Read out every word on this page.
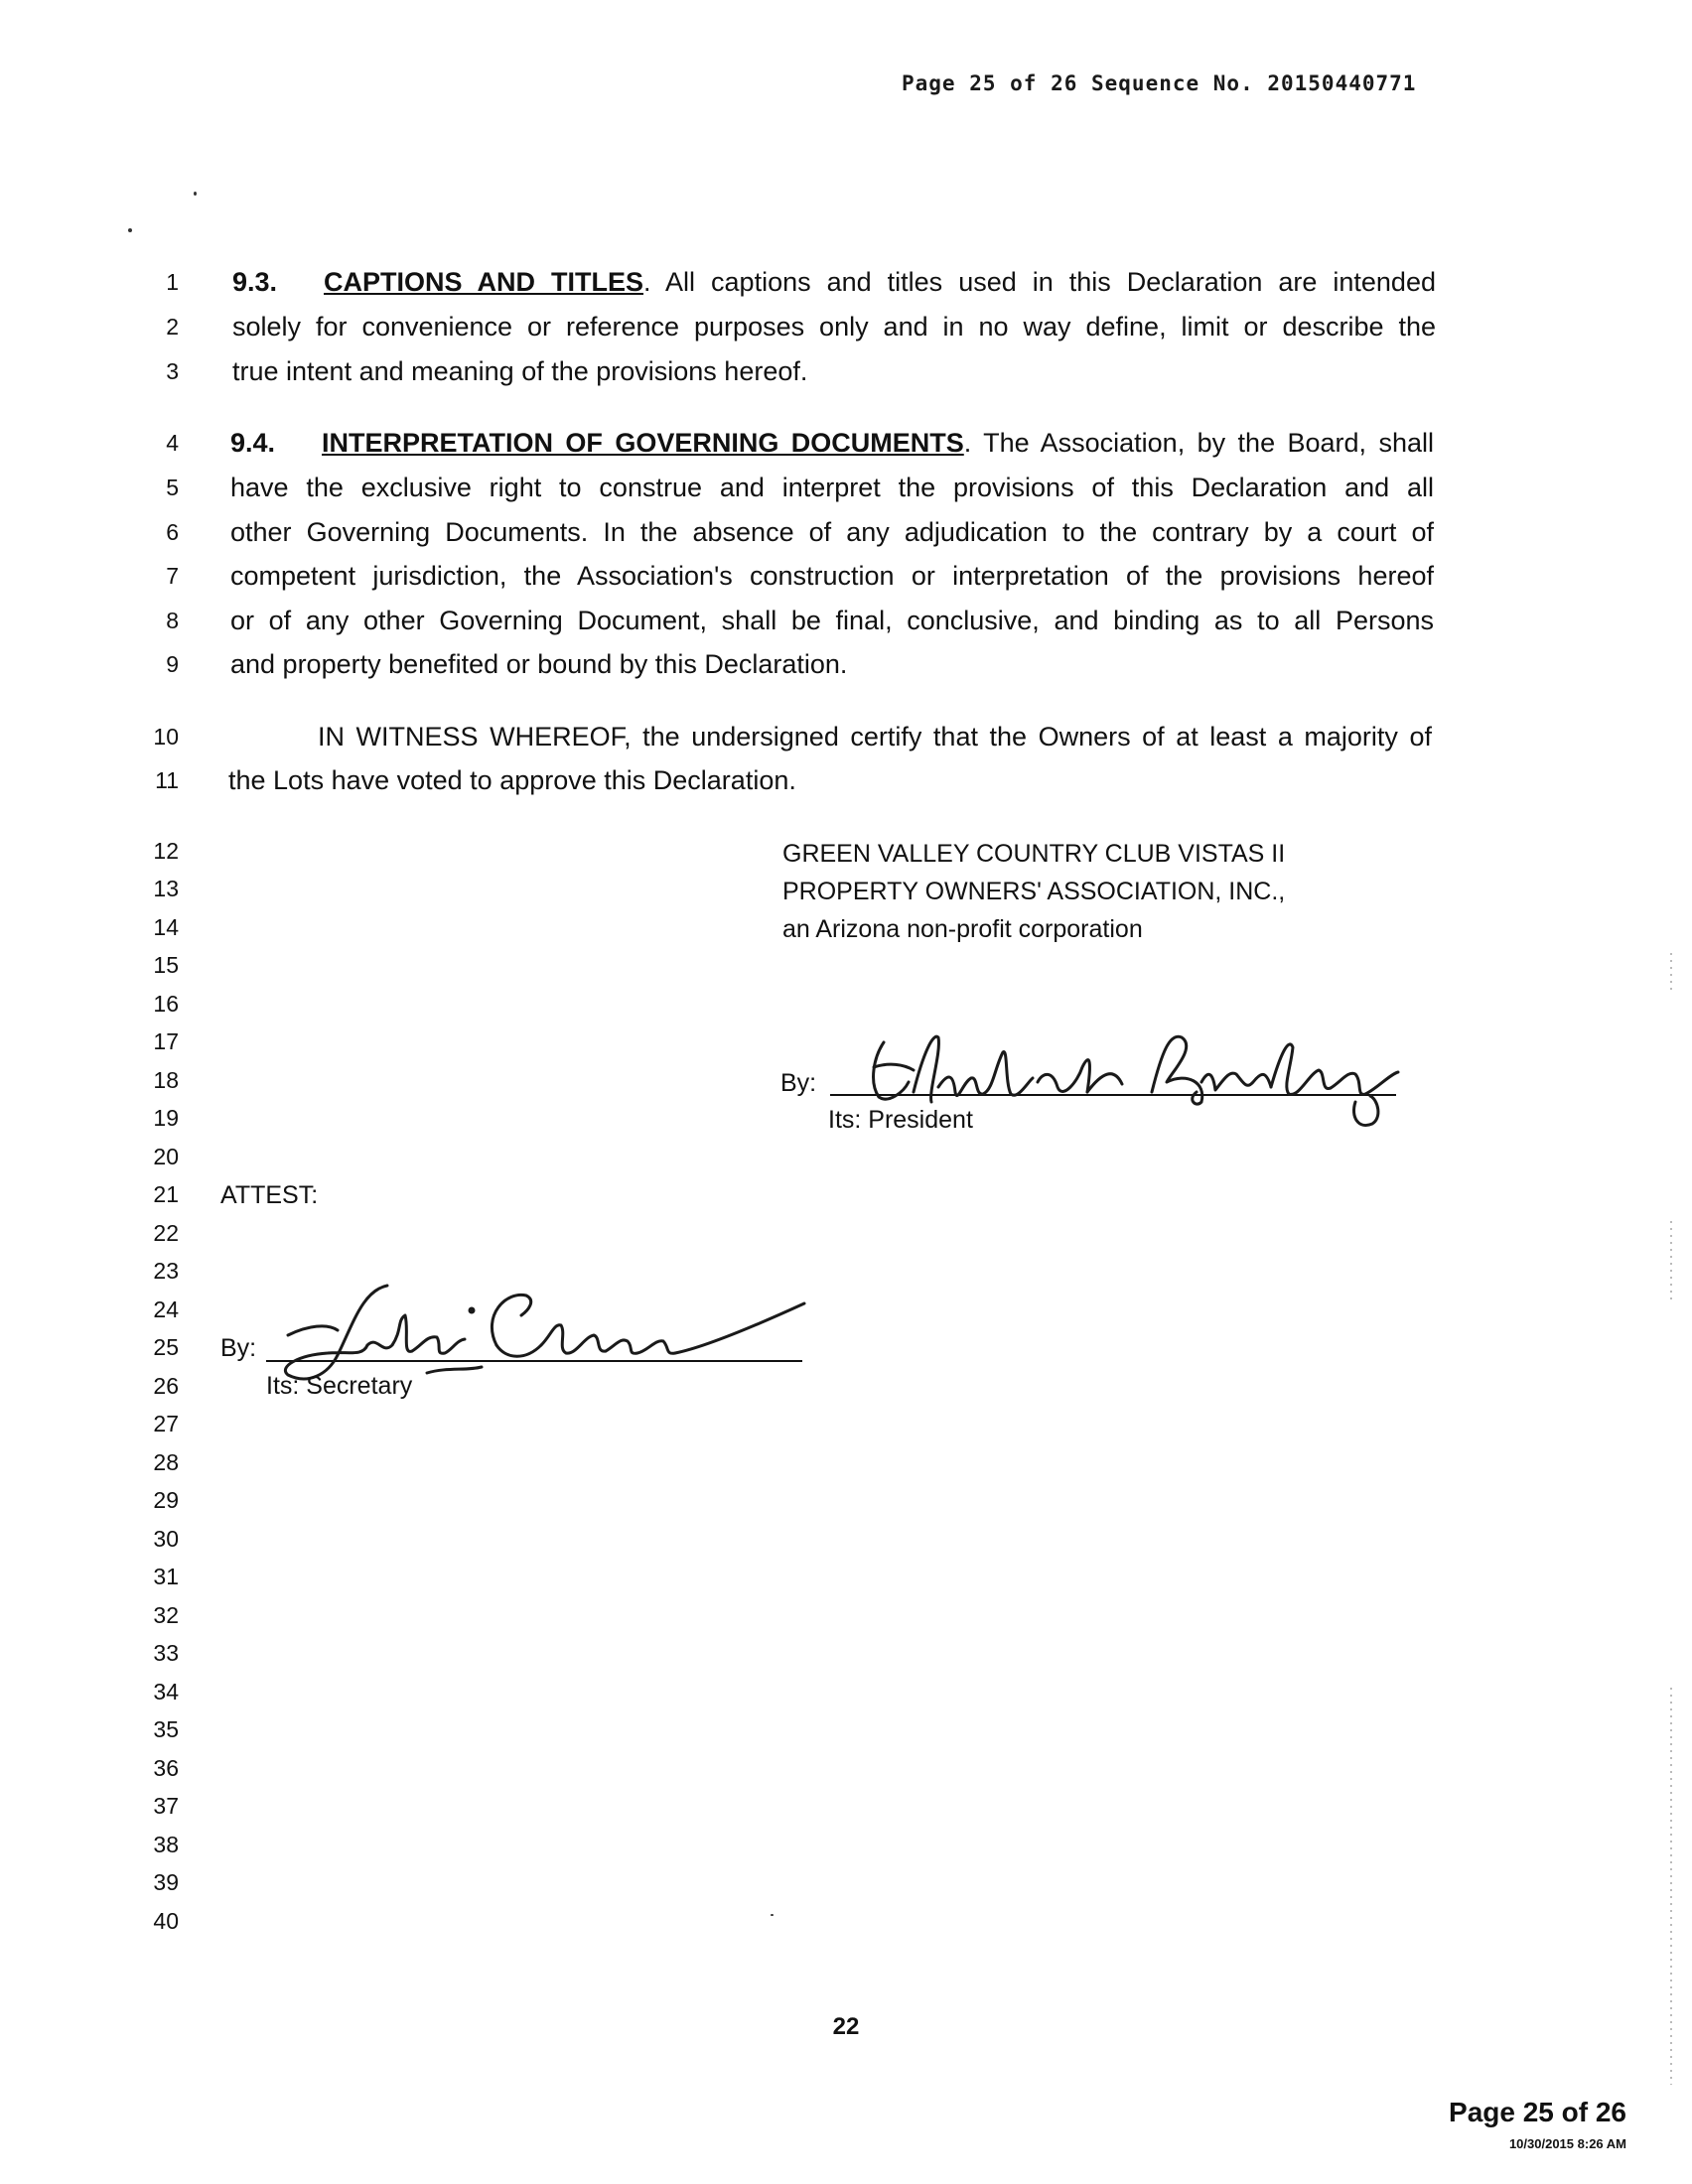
Page 25 of 26 Sequence No. 20150440771
1
2
3
4
5
6
7
8
9
10
11
12
13
14
15
16
17
18
19
20
21
22
23
24
25
26
27
28
29
30
31
32
33
34
35
36
37
38
39
40
9.3. CAPTIONS AND TITLES. All captions and titles used in this Declaration are intended
solely for convenience or reference purposes only and in no way define, limit or describe the
true intent and meaning of the provisions hereof.
9.4. INTERPRETATION OF GOVERNING DOCUMENTS. The Association, by the Board, shall
have the exclusive right to construe and interpret the provisions of this Declaration and all
other Governing Documents. In the absence of any adjudication to the contrary by a court of
competent jurisdiction, the Association's construction or interpretation of the provisions hereof
or of any other Governing Document, shall be final, conclusive, and binding as to all Persons
and property benefited or bound by this Declaration.
IN WITNESS WHEREOF, the undersigned certify that the Owners of at least a majority of
the Lots have voted to approve this Declaration.
GREEN VALLEY COUNTRY CLUB VISTAS II
PROPERTY OWNERS' ASSOCIATION, INC.,
an Arizona non-profit corporation
By:
Its: President
ATTEST:
By:
Its: Secretary
22
Page 25 of 26
10/30/2015 8:26 AM
